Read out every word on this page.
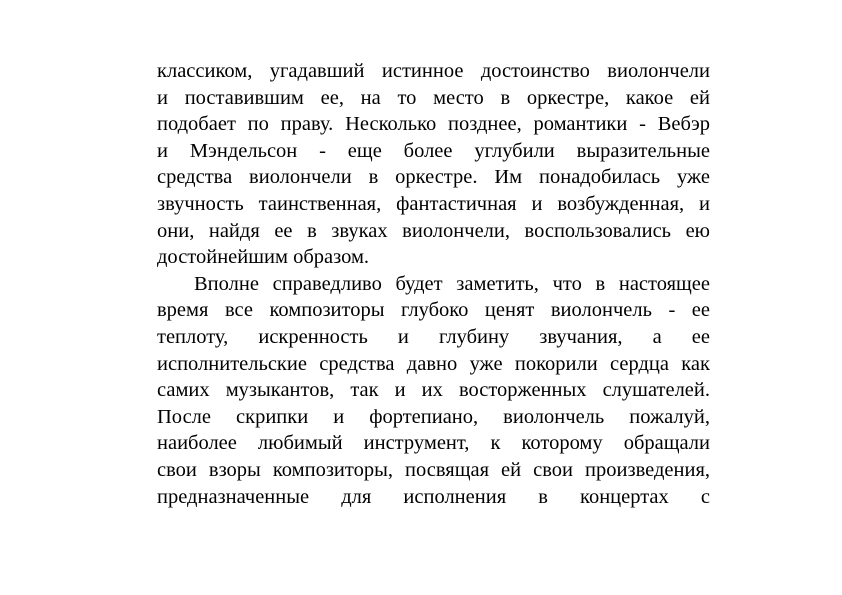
классиком, угадавший истинное достоинство виолончели
и поставившим ее, на то место в оркестре, какое ей
подобает по праву. Несколько позднее, романтики - Вебэр
и Мэндельсон - еще более углубили выразительные
средства виолончели в оркестре. Им понадобилась уже
звучность таинственная, фантастичная и возбужденная, и
они, найдя ее в звуках виолончели, воспользовались ею
достойнейшим образом.
Вполне справедливо будет заметить, что в настоящее
время все композиторы глубоко ценят виолончель - ее
теплоту, искренность и глубину звучания, а ее
исполнительские средства давно уже покорили сердца как
самих музыкантов, так и их восторженных слушателей.
После скрипки и фортепиано, виолончель пожалуй,
наиболее любимый инструмент, к которому обращали
свои взоры композиторы, посвящая ей свои произведения,
предназначенные для исполнения в концертах с
